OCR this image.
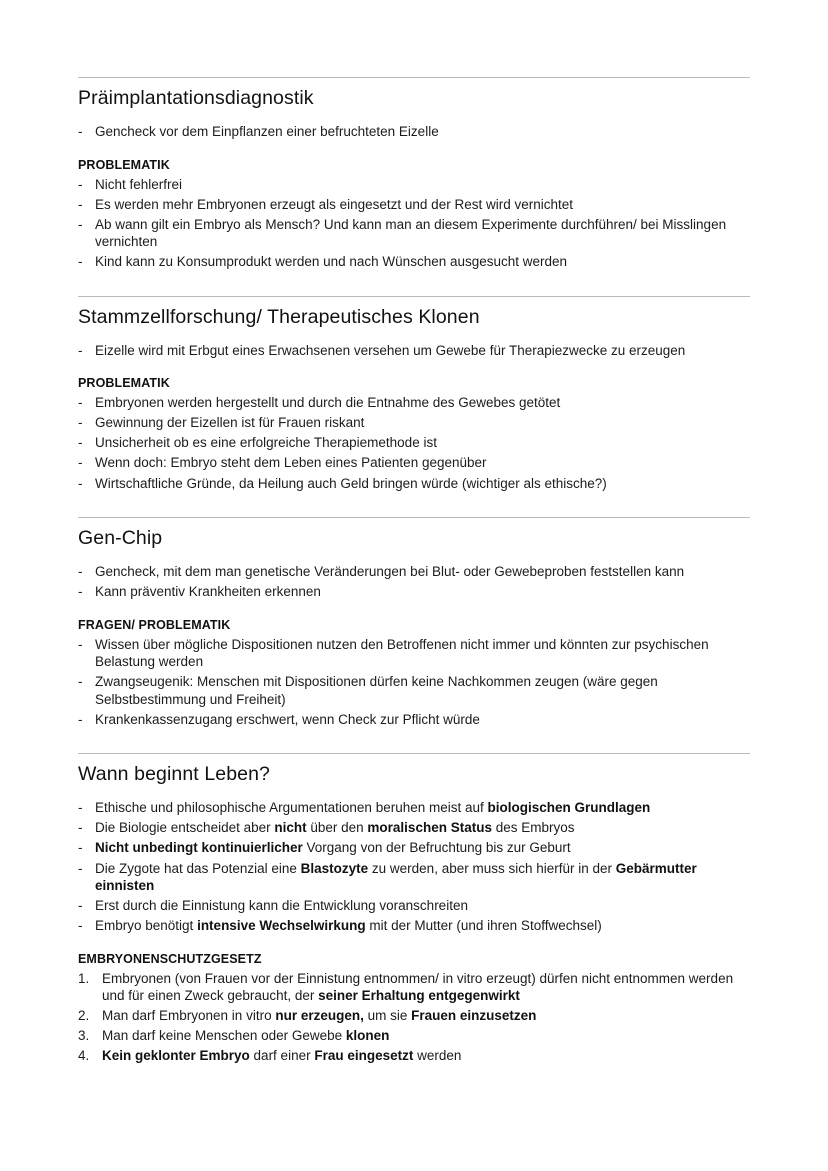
Präimplantationsdiagnostik
- Gencheck vor dem Einpflanzen einer befruchteten Eizelle
PROBLEMATIK
- Nicht fehlerfrei
- Es werden mehr Embryonen erzeugt als eingesetzt und der Rest wird vernichtet
- Ab wann gilt ein Embryo als Mensch? Und kann man an diesem Experimente durchführen/ bei Misslingen vernichten
- Kind kann zu Konsumprodukt werden und nach Wünschen ausgesucht werden
Stammzellforschung/ Therapeutisches Klonen
- Eizelle wird mit Erbgut eines Erwachsenen versehen um Gewebe für Therapiezwecke zu erzeugen
PROBLEMATIK
- Embryonen werden hergestellt und durch die Entnahme des Gewebes getötet
- Gewinnung der Eizellen ist für Frauen riskant
- Unsicherheit ob es eine erfolgreiche Therapiemethode ist
- Wenn doch: Embryo steht dem Leben eines Patienten gegenüber
- Wirtschaftliche Gründe, da Heilung auch Geld bringen würde (wichtiger als ethische?)
Gen-Chip
- Gencheck, mit dem man genetische Veränderungen bei Blut- oder Gewebeproben feststellen kann
- Kann präventiv Krankheiten erkennen
FRAGEN/ PROBLEMATIK
- Wissen über mögliche Dispositionen nutzen den Betroffenen nicht immer und könnten zur psychischen Belastung werden
- Zwangseugenik: Menschen mit Dispositionen dürfen keine Nachkommen zeugen (wäre gegen Selbstbestimmung und Freiheit)
- Krankenkassenzugang erschwert, wenn Check zur Pflicht würde
Wann beginnt Leben?
- Ethische und philosophische Argumentationen beruhen meist auf biologischen Grundlagen
- Die Biologie entscheidet aber nicht über den moralischen Status des Embryos
- Nicht unbedingt kontinuierlicher Vorgang von der Befruchtung bis zur Geburt
- Die Zygote hat das Potenzial eine Blastozyte zu werden, aber muss sich hierfür in der Gebärmutter einnisten
- Erst durch die Einnistung kann die Entwicklung voranschreiten
- Embryo benötigt intensive Wechselwirkung mit der Mutter (und ihren Stoffwechsel)
EMBRYONENSCHUTZGESETZ
1. Embryonen (von Frauen vor der Einnistung entnommen/ in vitro erzeugt) dürfen nicht entnommen werden und für einen Zweck gebraucht, der seiner Erhaltung entgegenwirkt
2. Man darf Embryonen in vitro nur erzeugen, um sie Frauen einzusetzen
3. Man darf keine Menschen oder Gewebe klonen
4. Kein geklonter Embryo darf einer Frau eingesetzt werden
